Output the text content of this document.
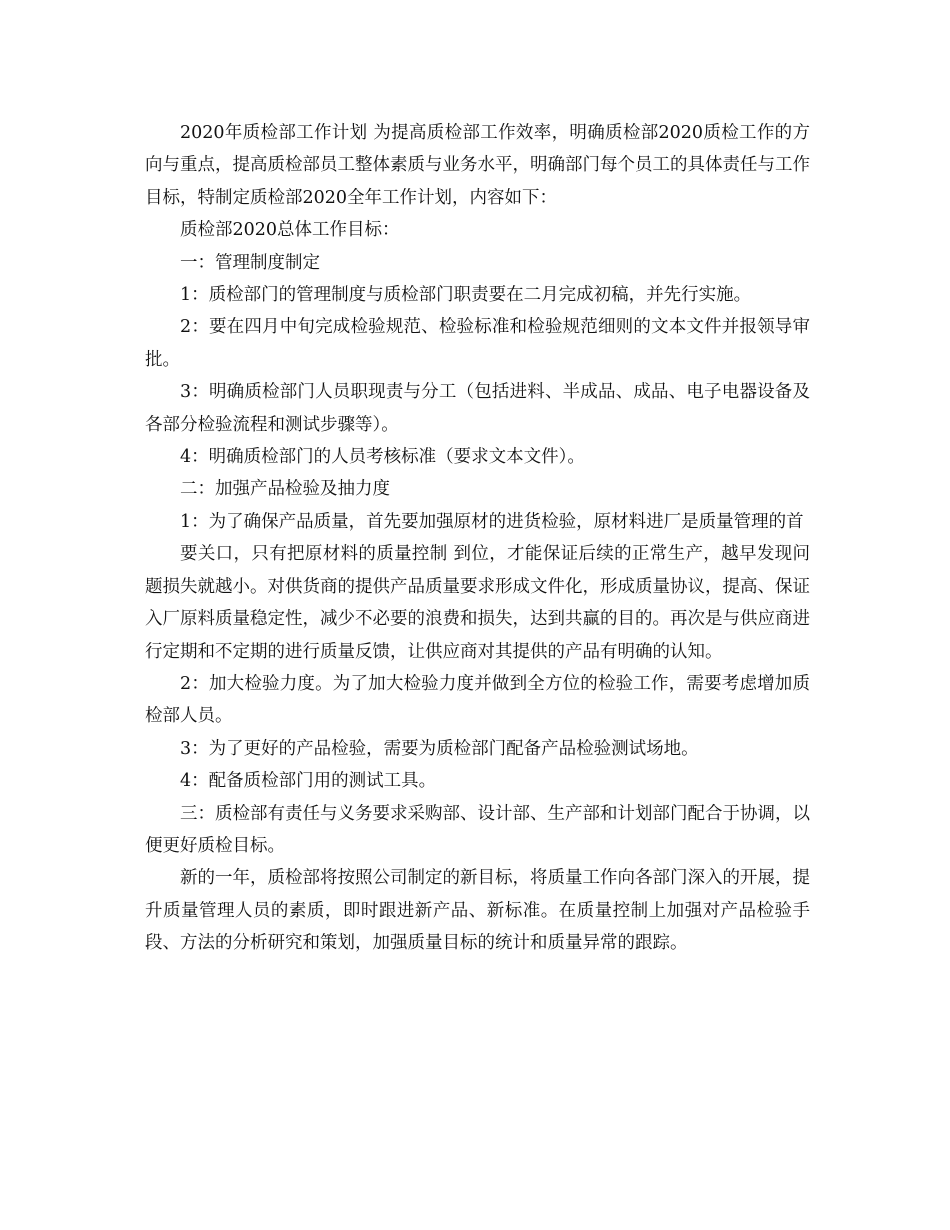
2020年质检部工作计划 为提高质检部工作效率，明确质检部2020质检工作的方向与重点，提高质检部员工整体素质与业务水平，明确部门每个员工的具体责任与工作目标，特制定质检部2020全年工作计划，内容如下：

质检部2020总体工作目标：

一：管理制度制定

1：质检部门的管理制度与质检部门职责要在二月完成初稿，并先行实施。

2：要在四月中旬完成检验规范、检验标准和检验规范细则的文本文件并报领导审批。

3：明确质检部门人员职现责与分工（包括进料、半成品、成品、电子电器设备及各部分检验流程和测试步骤等）。

4：明确质检部门的人员考核标准（要求文本文件）。

二：加强产品检验及抽力度

1：为了确保产品质量，首先要加强原材的进货检验，原材料进厂是质量管理的首

要关口，只有把原材料的质量控制 到位，才能保证后续的正常生产，越早发现问题损失就越小。对供货商的提供产品质量要求形成文件化，形成质量协议，提高、保证入厂原料质量稳定性，减少不必要的浪费和损失，达到共赢的目的。再次是与供应商进行定期和不定期的进行质量反馈，让供应商对其提供的产品有明确的认知。

2：加大检验力度。为了加大检验力度并做到全方位的检验工作，需要考虑增加质检部人员。

3：为了更好的产品检验，需要为质检部门配备产品检验测试场地。

4：配备质检部门用的测试工具。

三：质检部有责任与义务要求采购部、设计部、生产部和计划部门配合于协调，以便更好质检目标。

新的一年，质检部将按照公司制定的新目标，将质量工作向各部门深入的开展，提升质量管理人员的素质，即时跟进新产品、新标准。在质量控制上加强对产品检验手段、方法的分析研究和策划，加强质量目标的统计和质量异常的跟踪。
